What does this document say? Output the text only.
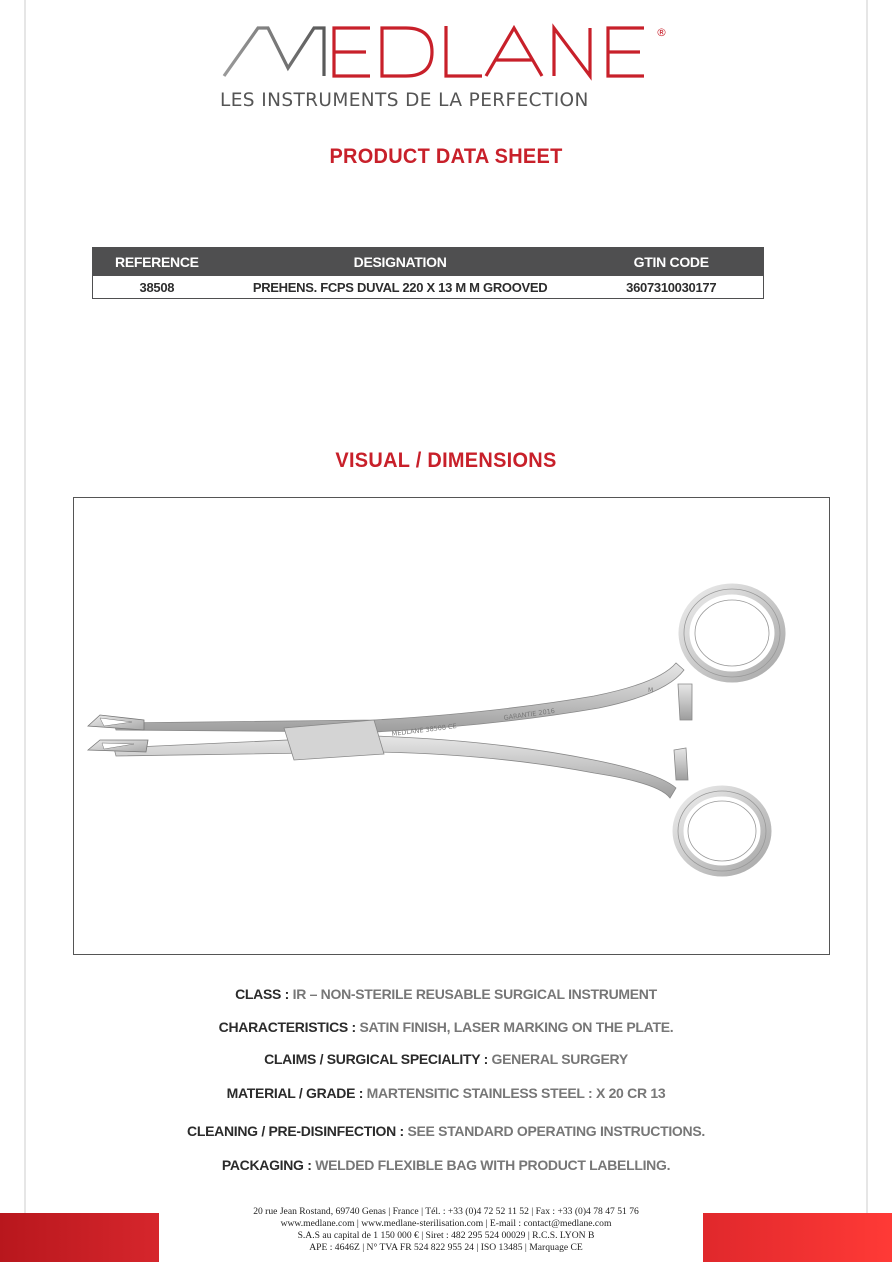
®
LES INSTRUMENTS DE LA PERFECTION
PRODUCT DATA SHEET
REFERENCE	DESIGNATION	GTIN CODE
38508	PREHENS. FCPS DUVAL 220 X 13 M M GROOVED	3607310030177
VISUAL / DIMENSIONS
MEDLANE 38508 CE
GARANTIE 2016
M
CLASS : IR – NON-STERILE REUSABLE SURGICAL INSTRUMENT
CHARACTERISTICS : SATIN FINISH, LASER MARKING ON THE PLATE.
CLAIMS / SURGICAL SPECIALITY : GENERAL SURGERY
MATERIAL / GRADE : MARTENSITIC STAINLESS STEEL : X 20 CR 13
CLEANING / PRE-DISINFECTION : SEE STANDARD OPERATING INSTRUCTIONS.
PACKAGING : WELDED FLEXIBLE BAG WITH PRODUCT LABELLING.
20 rue Jean Rostand, 69740 Genas | France | Tél. : +33 (0)4 72 52 11 52 | Fax : +33 (0)4 78 47 51 76
www.medlane.com | www.medlane-sterilisation.com | E-mail : contact@medlane.com
S.A.S au capital de 1 150 000 € | Siret : 482 295 524 00029 | R.C.S. LYON B
APE : 4646Z | N° TVA FR 524 822 955 24 | ISO 13485 | Marquage CE
